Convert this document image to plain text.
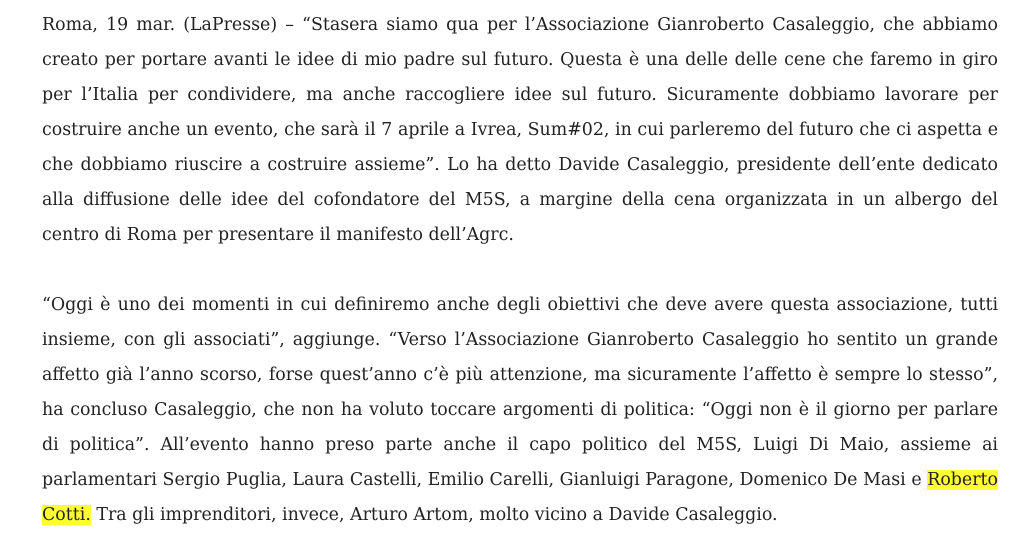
Roma, 19 mar. (LaPresse) – “Stasera siamo qua per l’Associazione Gianroberto Casaleggio, che abbiamo creato per portare avanti le idee di mio padre sul futuro. Questa è una delle delle cene che faremo in giro per l’Italia per condividere, ma anche raccogliere idee sul futuro. Sicuramente dobbiamo lavorare per costruire anche un evento, che sarà il 7 aprile a Ivrea, Sum#02, in cui parleremo del futuro che ci aspetta e che dobbiamo riuscire a costruire assieme”. Lo ha detto Davide Casaleggio, presidente dell’ente dedicato alla diffusione delle idee del cofondatore del M5S, a margine della cena organizzata in un albergo del centro di Roma per presentare il manifesto dell’Agrc.

“Oggi è uno dei momenti in cui definiremo anche degli obiettivi che deve avere questa associazione, tutti insieme, con gli associati”, aggiunge. “Verso l’Associazione Gianroberto Casaleggio ho sentito un grande affetto già l’anno scorso, forse quest’anno c’è più attenzione, ma sicuramente l’affetto è sempre lo stesso”, ha concluso Casaleggio, che non ha voluto toccare argomenti di politica: “Oggi non è il giorno per parlare di politica”. All’evento hanno preso parte anche il capo politico del M5S, Luigi Di Maio, assieme ai parlamentari Sergio Puglia, Laura Castelli, Emilio Carelli, Gianluigi Paragone, Domenico De Masi e Roberto Cotti. Tra gli imprenditori, invece, Arturo Artom, molto vicino a Davide Casaleggio.
